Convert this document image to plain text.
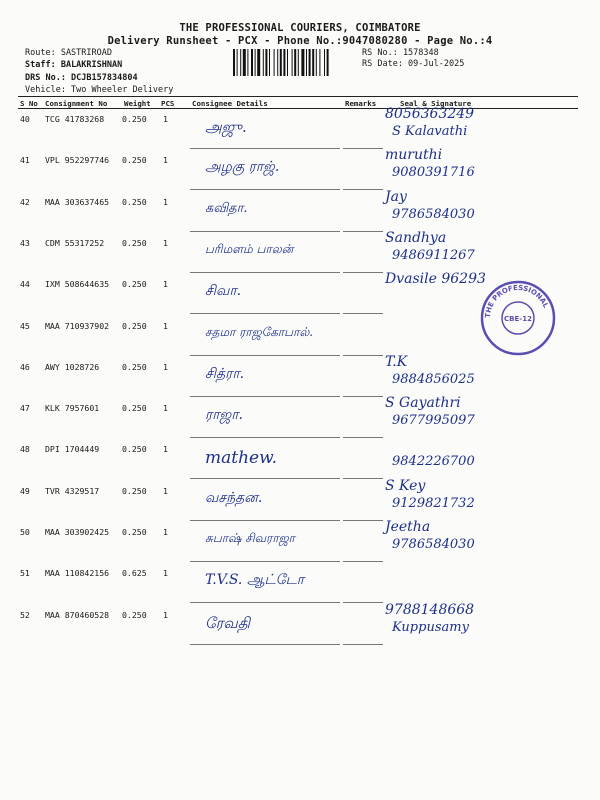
THE PROFESSIONAL COURIERS, COIMBATORE
Delivery Runsheet - PCX - Phone No.:9047080280 - Page No.:4
Route: SASTRIROAD
Staff: BALAKRISHNAN
DRS No.: DCJB157834804
Vehicle: Two Wheeler Delivery
RS No.: 1578348
RS Date: 09-Jul-2025
S No Consignment No Weight PCS Consignee Details	Remarks	Seal & Signature
40 TCG 41783268 0.250 1 அஜு.
8056363249
S Kalavathi
41 VPL 952297746 0.250 1	அழகு ராஜ்.
muruthi
9080391716
42 MAA 303637465 0.250 1	கவிதா.
Jay
9786584030
43 CDM 55317252 0.250 1	பரிமளம் பாலன்
Sandhya
9486911267
44 IXM 508644635 0.250 1	சிவா.
Dvasile 96293
45 MAA 710937902 0.250 1	சதமா ராஜகோபால்.
46 AWY 1028726	0.250 1	சித்ரா.
T.K
9884856025
47 KLK 7957601	0.250 1	ராஜா.
S Gayathri
9677995097
48 DPI 1704449	0.250 1 mathew.	9842226700
49 TVR 4329517	0.250 1	வசந்தன.
S Key
9129821732
50 MAA 303902425 0.250 1	சுபாஷ் சிவராஜா
Jeetha
9786584030
51 MAA 110842156 0.625 1	T.V.S. ஆட்டோ
52 MAA 870460528 0.250 1 ரேவதி
9788148668
Kuppusamy
THE PROFESSIONAL
CBE-12
